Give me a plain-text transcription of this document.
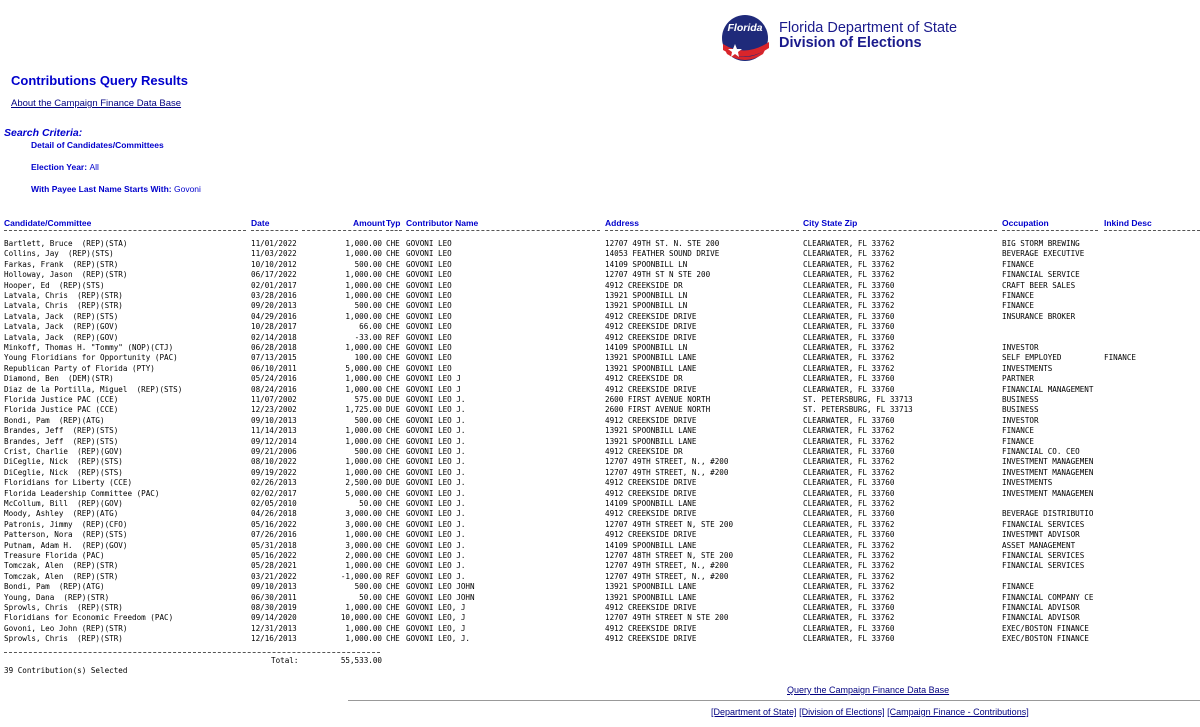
Florida Florida Department of State
Division of Elections
Contributions Query Results
About the Campaign Finance Data Base
Search Criteria:
Detail of Candidates/Committees
Election Year: All
With Payee Last Name Starts With: Govoni
Candidate/Committee	Date	Amount Typ Contributor Name	Address	City State Zip	Occupation	Inkind Desc
Bartlett, Bruce  (REP)(STA)	11/01/2022	1,000.00 CHE GOVONI LEO	12707 49TH ST. N. STE 200	CLEARWATER, FL 33762	BIG STORM BREWING
Collins, Jay  (REP)(STS)	11/03/2022	1,000.00 CHE GOVONI LEO	14053 FEATHER SOUND DRIVE	CLEARWATER, FL 33762	BEVERAGE EXECUTIVE
Farkas, Frank  (REP)(STR)	10/10/2012	500.00 CHE GOVONI LEO	14109 SPOONBILL LN	CLEARWATER, FL 33762	FINANCE
Holloway, Jason  (REP)(STR)	06/17/2022	1,000.00 CHE GOVONI LEO	12707 49TH ST N STE 200	CLEARWATER, FL 33762	FINANCIAL SERVICE
Hooper, Ed  (REP)(STS)	02/01/2017	1,000.00 CHE GOVONI LEO	4912 CREEKSIDE DR	CLEARWATER, FL 33760	CRAFT BEER SALES
Latvala, Chris  (REP)(STR)	03/28/2016	1,000.00 CHE GOVONI LEO	13921 SPOONBILL LN	CLEARWATER, FL 33762	FINANCE
Latvala, Chris  (REP)(STR)	09/20/2013	500.00 CHE GOVONI LEO	13921 SPOONBILL LN	CLEARWATER, FL 33762	FINANCE
Latvala, Jack  (REP)(STS)	04/29/2016	1,000.00 CHE GOVONI LEO	4912 CREEKSIDE DRIVE	CLEARWATER, FL 33760	INSURANCE BROKER
Latvala, Jack  (REP)(GOV)	10/28/2017	66.00 CHE GOVONI LEO	4912 CREEKSIDE DRIVE	CLEARWATER, FL 33760
Latvala, Jack  (REP)(GOV)	02/14/2018	-33.00 REF GOVONI LEO	4912 CREEKSIDE DRIVE	CLEARWATER, FL 33760
Minkoff, Thomas H. "Tommy" (NOP)(CTJ)	06/28/2018	1,000.00 CHE GOVONI LEO	14109 SPOONBILL LN	CLEARWATER, FL 33762	INVESTOR
Young Floridians for Opportunity (PAC)	07/13/2015	100.00 CHE GOVONI LEO	13921 SPOONBILL LANE	CLEARWATER, FL 33762	SELF EMPLOYED	FINANCE
Republican Party of Florida (PTY)	06/10/2011	5,000.00 CHE GOVONI LEO	13921 SPOONBILL LANE	CLEARWATER, FL 33762	INVESTMENTS
Diamond, Ben  (DEM)(STR)	05/24/2016	1,000.00 CHE GOVONI LEO J	4912 CREEKSIDE DR	CLEARWATER, FL 33760	PARTNER
Diaz de la Portilla, Miguel  (REP)(STS)	08/24/2016	1,000.00 CHE GOVONI LEO J	4912 CREEKSIDE DRIVE	CLEARWATER, FL 33760	FINANCIAL MANAGEMENT
Florida Justice PAC (CCE)	11/07/2002	575.00 DUE GOVONI LEO J.	2600 FIRST AVENUE NORTH	ST. PETERSBURG, FL 33713	BUSINESS
Florida Justice PAC (CCE)	12/23/2002	1,725.00 DUE GOVONI LEO J.	2600 FIRST AVENUE NORTH	ST. PETERSBURG, FL 33713	BUSINESS
Bondi, Pam  (REP)(ATG)	09/10/2013	500.00 CHE GOVONI LEO J.	4912 CREEKSIDE DRIVE	CLEARWATER, FL 33760	INVESTOR
Brandes, Jeff  (REP)(STS)	11/14/2013	1,000.00 CHE GOVONI LEO J.	13921 SPOONBILL LANE	CLEARWATER, FL 33762	FINANCE
Brandes, Jeff  (REP)(STS)	09/12/2014	1,000.00 CHE GOVONI LEO J.	13921 SPOONBILL LANE	CLEARWATER, FL 33762	FINANCE
Crist, Charlie  (REP)(GOV)	09/21/2006	500.00 CHE GOVONI LEO J.	4912 CREEKSIDE DR	CLEARWATER, FL 33760	FINANCIAL CO. CEO
DiCeglie, Nick  (REP)(STS)	08/10/2022	1,000.00 CHE GOVONI LEO J.	12707 49TH STREET, N., #200	CLEARWATER, FL 33762	INVESTMENT MANAGEMEN
DiCeglie, Nick  (REP)(STS)	09/19/2022	1,000.00 CHE GOVONI LEO J.	12707 49TH STREET, N., #200	CLEARWATER, FL 33762	INVESTMENT MANAGEMEN
Floridians for Liberty (CCE)	02/26/2013	2,500.00 DUE GOVONI LEO J.	4912 CREEKSIDE DRIVE	CLEARWATER, FL 33760	INVESTMENTS
Florida Leadership Committee (PAC)	02/02/2017	5,000.00 CHE GOVONI LEO J.	4912 CREEKSIDE DRIVE	CLEARWATER, FL 33760	INVESTMENT MANAGEMEN
McCollum, Bill  (REP)(GOV)	02/05/2010	50.00 CHE GOVONI LEO J.	14109 SPOONBILL LANE	CLEARWATER, FL 33762
Moody, Ashley  (REP)(ATG)	04/26/2018	3,000.00 CHE GOVONI LEO J.	4912 CREEKSIDE DRIVE	CLEARWATER, FL 33760	BEVERAGE DISTRIBUTIO
Patronis, Jimmy  (REP)(CFO)	05/16/2022	3,000.00 CHE GOVONI LEO J.	12707 49TH STREET N, STE 200	CLEARWATER, FL 33762	FINANCIAL SERVICES
Patterson, Nora  (REP)(STS)	07/26/2016	1,000.00 CHE GOVONI LEO J.	4912 CREEKSIDE DRIVE	CLEARWATER, FL 33760	INVESTMNT ADVISOR
Putnam, Adam H.  (REP)(GOV)	05/31/2018	3,000.00 CHE GOVONI LEO J.	14109 SPOONBILL LANE	CLEARWATER, FL 33762	ASSET MANAGEMENT
Treasure Florida (PAC)	05/16/2022	2,000.00 CHE GOVONI LEO J.	12707 48TH STREET N, STE 200	CLEARWATER, FL 33762	FINANCIAL SERVICES
Tomczak, Alen  (REP)(STR)	05/28/2021	1,000.00 CHE GOVONI LEO J.	12707 49TH STREET, N., #200	CLEARWATER, FL 33762	FINANCIAL SERVICES
Tomczak, Alen  (REP)(STR)	03/21/2022	-1,000.00 REF GOVONI LEO J.	12707 49TH STREET, N., #200	CLEARWATER, FL 33762
Bondi, Pam  (REP)(ATG)	09/10/2013	500.00 CHE GOVONI LEO JOHN	13921 SPOONBILL LANE	CLEARWATER, FL 33762	FINANCE
Young, Dana  (REP)(STR)	06/30/2011	50.00 CHE GOVONI LEO JOHN	13921 SPOONBILL LANE	CLEARWATER, FL 33762	FINANCIAL COMPANY CE
Sprowls, Chris  (REP)(STR)	08/30/2019	1,000.00 CHE GOVONI LEO, J	4912 CREEKSIDE DRIVE	CLEARWATER, FL 33760	FINANCIAL ADVISOR
Floridians for Economic Freedom (PAC)	09/14/2020	10,000.00 CHE GOVONI LEO, J	12707 49TH STREET N STE 200	CLEARWATER, FL 33762	FINANCIAL ADVISOR
Govoni, Leo John (REP)(STR)	12/31/2013	1,000.00 CHE GOVONI LEO, J	4912 CREEKSIDE DRIVE	CLEARWATER, FL 33760	EXEC/BOSTON FINANCE
Sprowls, Chris  (REP)(STR)	12/16/2013	1,000.00 CHE GOVONI LEO, J.	4912 CREEKSIDE DRIVE	CLEARWATER, FL 33760	EXEC/BOSTON FINANCE
Total:	55,533.00
39 Contribution(s) Selected
Query the Campaign Finance Data Base
[Department of State] [Division of Elections] [Campaign Finance - Contributions]
